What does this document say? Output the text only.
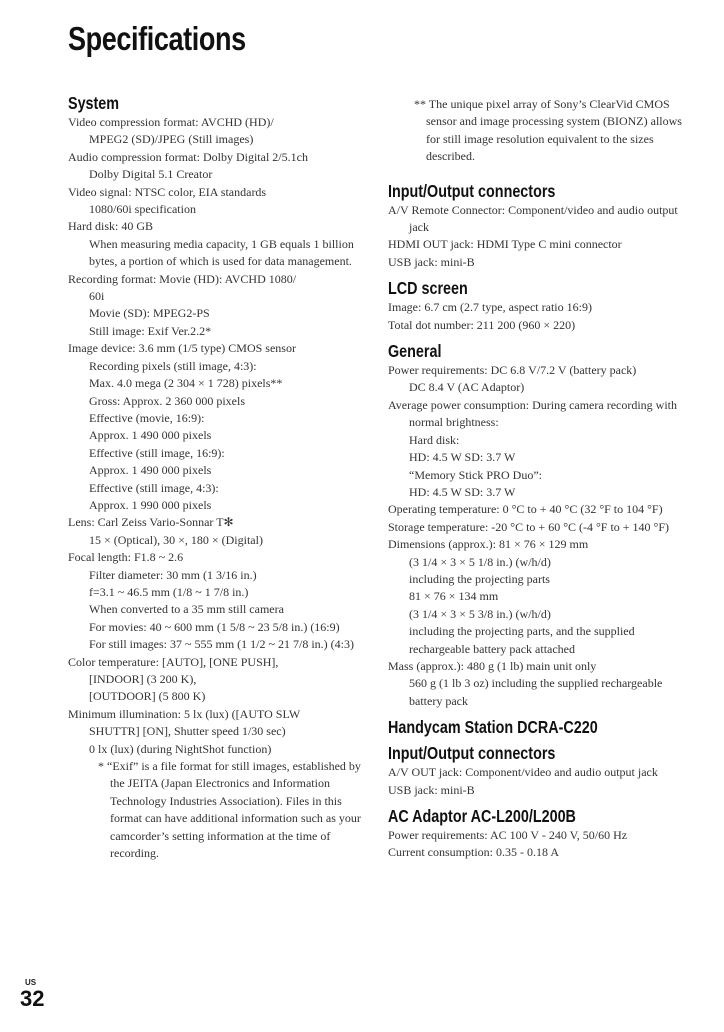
Specifications
System

Video compression format: AVCHD (HD)/

MPEG2 (SD)/JPEG (Still images)

Audio compression format: Dolby Digital 2/5.1ch

Dolby Digital 5.1 Creator

Video signal: NTSC color, EIA standards

1080/60i specification

Hard disk: 40 GB

When measuring media capacity, 1 GB equals 1 billion bytes, a portion of which is used for data management.

Recording format: Movie (HD): AVCHD 1080/

60i

Movie (SD): MPEG2-PS

Still image: Exif Ver.2.2*

Image device: 3.6 mm (1/5 type) CMOS sensor

Recording pixels (still image, 4:3):

Max. 4.0 mega (2 304 × 1 728) pixels**

Gross: Approx. 2 360 000 pixels

Effective (movie, 16:9):

Approx. 1 490 000 pixels

Effective (still image, 16:9):

Approx. 1 490 000 pixels

Effective (still image, 4:3):

Approx. 1 990 000 pixels

Lens: Carl Zeiss Vario-Sonnar T✻

15 × (Optical), 30 ×, 180 × (Digital)

Focal length: F1.8 ~ 2.6

Filter diameter: 30 mm (1 3/16 in.)

f=3.1 ~ 46.5 mm (1/8 ~ 1 7/8 in.)

When converted to a 35 mm still camera

For movies: 40 ~ 600 mm (1 5/8 ~ 23 5/8 in.) (16:9)

For still images: 37 ~ 555 mm (1 1/2 ~ 21 7/8 in.) (4:3)

Color temperature: [AUTO], [ONE PUSH],

[INDOOR] (3 200 K),

[OUTDOOR] (5 800 K)

Minimum illumination: 5 lx (lux) ([AUTO SLW

SHUTTR] [ON], Shutter speed 1/30 sec)

0 lx (lux) (during NightShot function)

* “Exif” is a file format for still images, established by the JEITA (Japan Electronics and Information Technology Industries Association). Files in this format can have additional information such as your camcorder’s setting information at the time of recording.

** The unique pixel array of Sony’s ClearVid CMOS sensor and image processing system (BIONZ) allows for still image resolution equivalent to the sizes described.

Input/Output connectors

A/V Remote Connector: Component/video and audio output jack

HDMI OUT jack: HDMI Type C mini connector

USB jack: mini-B

LCD screen

Image: 6.7 cm (2.7 type, aspect ratio 16:9)

Total dot number: 211 200 (960 × 220)

General

Power requirements: DC 6.8 V/7.2 V (battery pack)

DC 8.4 V (AC Adaptor)

Average power consumption: During camera recording with normal brightness:

Hard disk:

HD: 4.5 W SD: 3.7 W

“Memory Stick PRO Duo”:

HD: 4.5 W SD: 3.7 W

Operating temperature: 0 °C to + 40 °C (32 °F to 104 °F)

Storage temperature: -20 °C to + 60 °C (-4 °F to + 140 °F)

Dimensions (approx.): 81 × 76 × 129 mm

(3 1/4 × 3 × 5 1/8 in.) (w/h/d)

including the projecting parts

81 × 76 × 134 mm

(3 1/4 × 3 × 5 3/8 in.) (w/h/d)

including the projecting parts, and the supplied rechargeable battery pack attached

Mass (approx.): 480 g (1 lb) main unit only

560 g (1 lb 3 oz) including the supplied rechargeable battery pack

Handycam Station DCRA-C220
Input/Output connectors

A/V OUT jack: Component/video and audio output jack

USB jack: mini-B

AC Adaptor AC-L200/L200B

Power requirements: AC 100 V - 240 V, 50/60 Hz

Current consumption: 0.35 - 0.18 A

US
32
